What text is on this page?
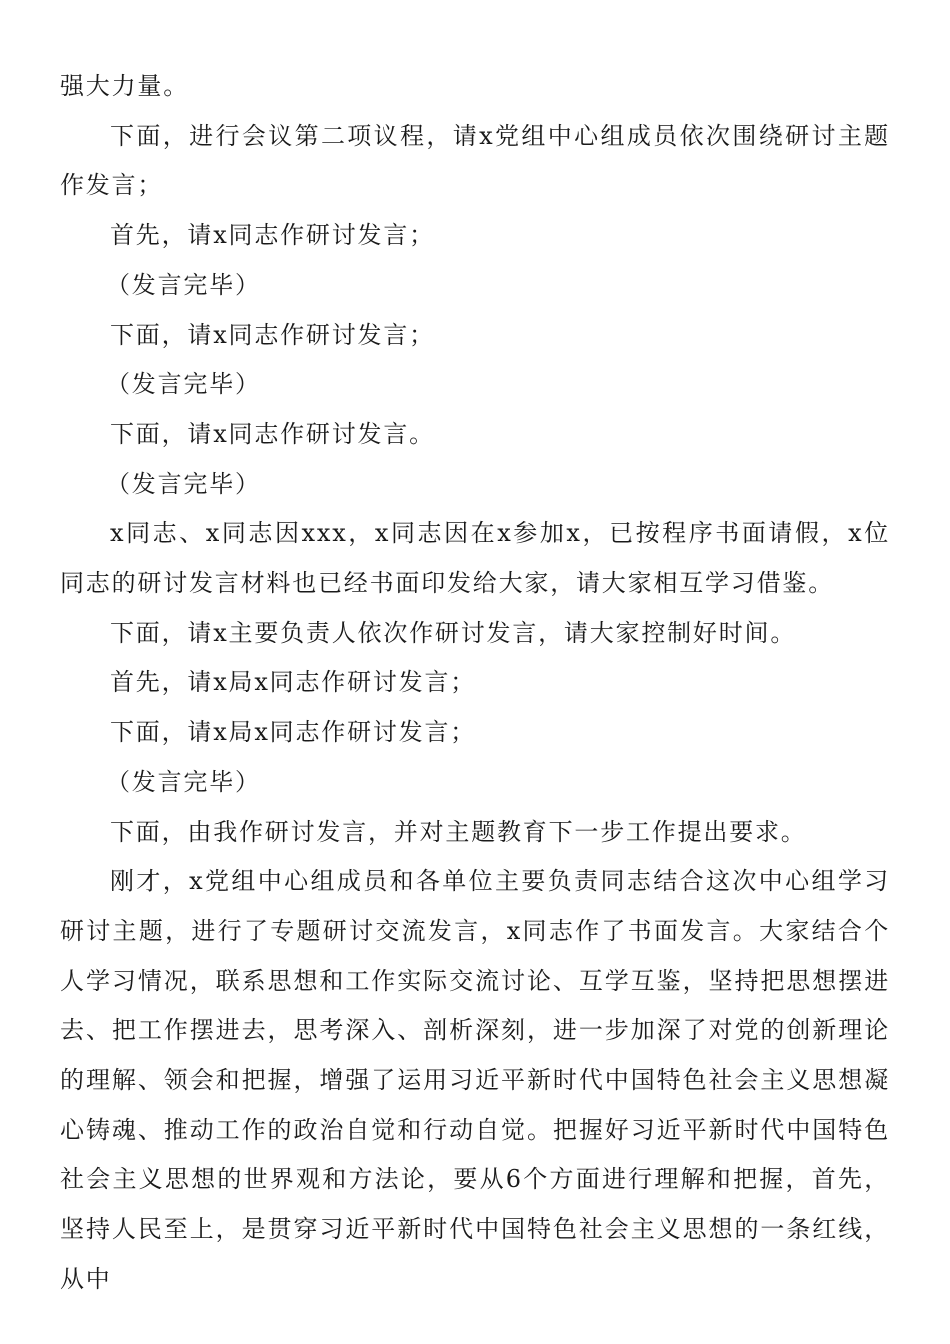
强大力量。

下面，进行会议第二项议程，请x党组中心组成员依次围绕研讨主题作发言；

首先，请x同志作研讨发言；

（发言完毕）

下面，请x同志作研讨发言；

（发言完毕）

下面，请x同志作研讨发言。

（发言完毕）

x同志、x同志因xxx，x同志因在x参加x，已按程序书面请假，x位同志的研讨发言材料也已经书面印发给大家，请大家相互学习借鉴。

下面，请x主要负责人依次作研讨发言，请大家控制好时间。

首先，请x局x同志作研讨发言；

下面，请x局x同志作研讨发言；

（发言完毕）

下面，由我作研讨发言，并对主题教育下一步工作提出要求。

刚才，x党组中心组成员和各单位主要负责同志结合这次中心组学习研讨主题，进行了专题研讨交流发言，x同志作了书面发言。大家结合个人学习情况，联系思想和工作实际交流讨论、互学互鉴，坚持把思想摆进去、把工作摆进去，思考深入、剖析深刻，进一步加深了对党的创新理论的理解、领会和把握，增强了运用习近平新时代中国特色社会主义思想凝心铸魂、推动工作的政治自觉和行动自觉。把握好习近平新时代中国特色社会主义思想的世界观和方法论，要从6个方面进行理解和把握，首先，坚持人民至上，是贯穿习近平新时代中国特色社会主义思想的一条红线，从中
